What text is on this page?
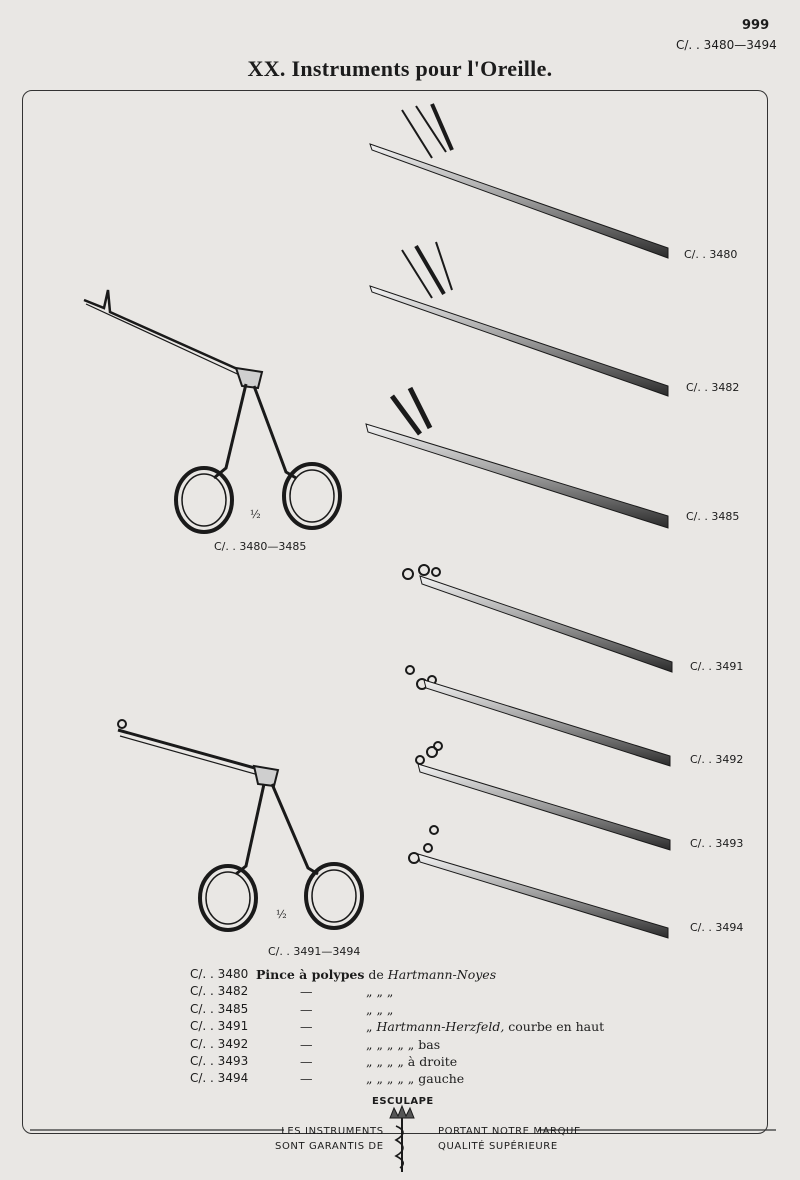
999
C/. . 3480—3494
XX. Instruments pour l'Oreille.
C/. . 3480—3485
½
C/. . 3491—3494
½
C/. . 3480
C/. . 3482
C/. . 3485
C/. . 3491
C/. . 3492
C/. . 3493
C/. . 3494
C/. . 3480 Pince à polypes de Hartmann-Noyes
C/. . 3482	—	„ „ „
C/. . 3485	—	„ „ „
C/. . 3491	—	„ Hartmann-Herzfeld, courbe en haut
C/. . 3492	—	„ „ „ „ „ bas
C/. . 3493	—	„ „ „ „ à droite
C/. . 3494	—	„ „ „ „ „ gauche
ESCULAPE
LES INSTRUMENTS
SONT GARANTIS DE
PORTANT NOTRE MARQUE
QUALITÉ SUPÉRIEURE
